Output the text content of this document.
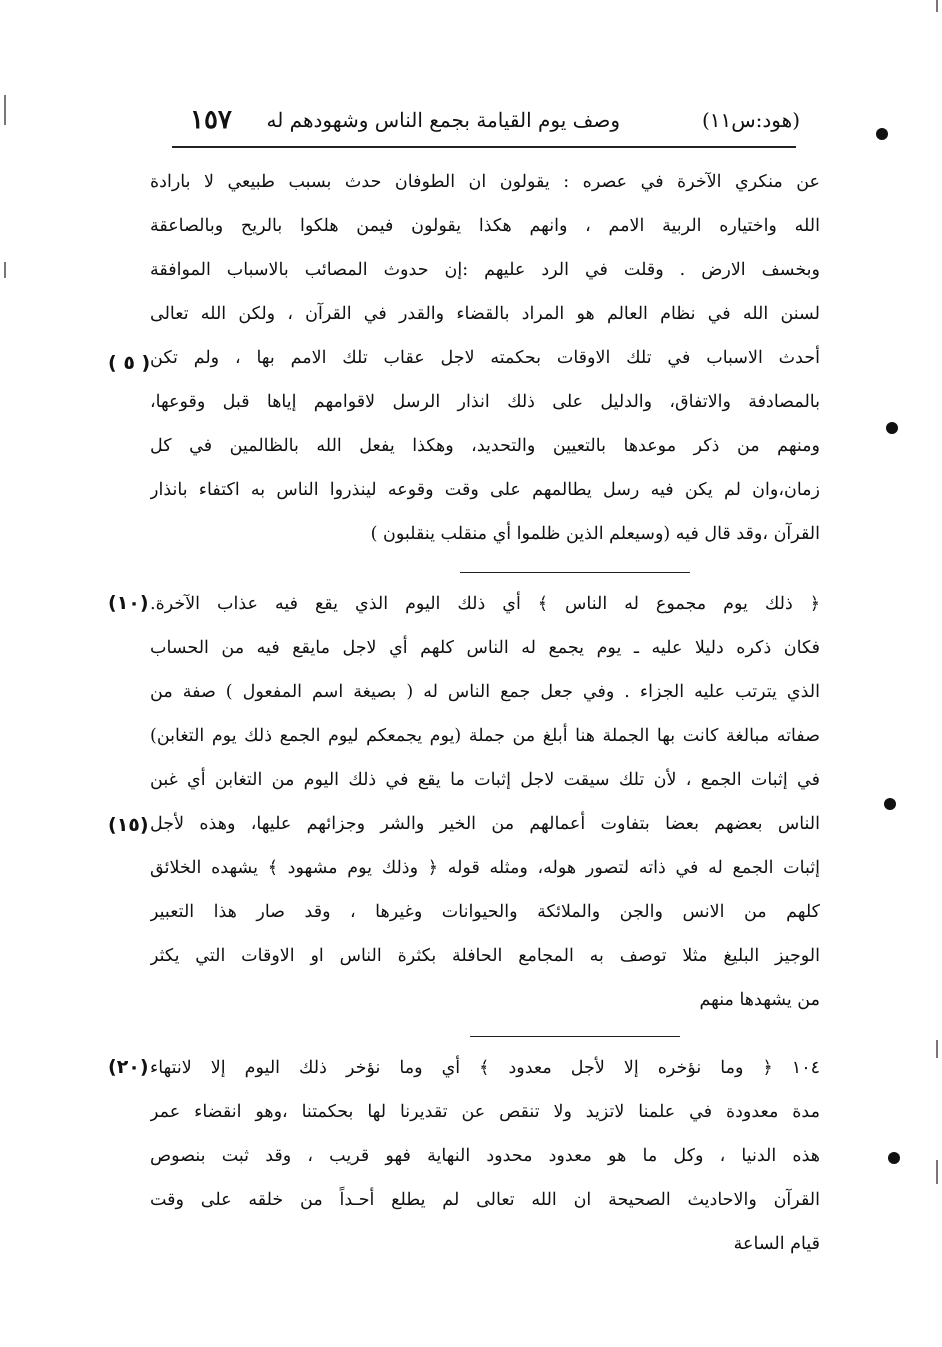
(هود:س١١)
وصف يوم القيامة بجمع الناس وشهودهم له
١٥٧
عن منكري الآخرة في عصره : يقولون ان الطوفان حدث بسبب طبيعي لا بارادة
الله واختياره الربية الامم ، وانهم هكذا يقولون فيمن هلكوا بالريح وبالصاعقة
وبخسف الارض . وقلت في الرد عليهم :إن حدوث المصائب بالاسباب الموافقة
لسنن الله في نظام العالم هو المراد بالقضاء والقدر في القرآن ، ولكن الله تعالى
أحدث الاسباب في تلك الاوقات بحكمته لاجل عقاب تلك الامم بها ، ولم تكن
بالمصادفة والاتفاق، والدليل على ذلك انذار الرسل لاقوامهم إياها قبل وقوعها،
ومنهم من ذكر موعدها بالتعيين والتحديد، وهكذا يفعل الله بالظالمين في كل
زمان،وان لم يكن فيه رسل يطالمهم على وقت وقوعه لينذروا الناس به اكتفاء بانذار
القرآن ،وقد قال فيه (وسيعلم الذين ظلموا أي منقلب ينقلبون )
﴿ ذلك يوم مجموع له الناس ﴾ أي ذلك اليوم الذي يقع فيه عذاب الآخرة.
فكان ذكره دليلا عليه ـ يوم يجمع له الناس كلهم أي لاجل مايقع فيه من الحساب
الذي يترتب عليه الجزاء . وفي جعل جمع الناس له ( بصيغة اسم المفعول ) صفة من
صفاته مبالغة كانت بها الجملة هنا أبلغ من جملة (يوم يجمعكم ليوم الجمع ذلك يوم التغابن)
في إثبات الجمع ، لأن تلك سيقت لاجل إثبات ما يقع في ذلك اليوم من التغابن أي غبن
الناس بعضهم بعضا بتفاوت أعمالهم من الخير والشر وجزائهم عليها، وهذه لأجل
إثبات الجمع له في ذاته لتصور هوله، ومثله قوله ﴿ وذلك يوم مشهود ﴾ يشهده الخلائق
كلهم من الانس والجن والملائكة والحيوانات وغيرها ، وقد صار هذا التعبير
الوجيز البليغ مثلا توصف به المجامع الحافلة بكثرة الناس او الاوقات التي يكثر
من يشهدها منهم
١٠٤ ﴿ وما نؤخره إلا لأجل معدود ﴾ أي وما نؤخر ذلك اليوم إلا لانتهاء
مدة معدودة في علمنا لاتزيد ولا تنقص عن تقديرنا لها بحكمتنا ،وهو انقضاء عمر
هذه الدنيا ، وكل ما هو معدود محدود النهاية فهو قريب ، وقد ثبت بنصوص
القرآن والاحاديث الصحيحة ان الله تعالى لم يطلع أحـداً من خلقه على وقت
قيام الساعة
( ٥ )
(١٠)
(١٥)
(٢٠)
